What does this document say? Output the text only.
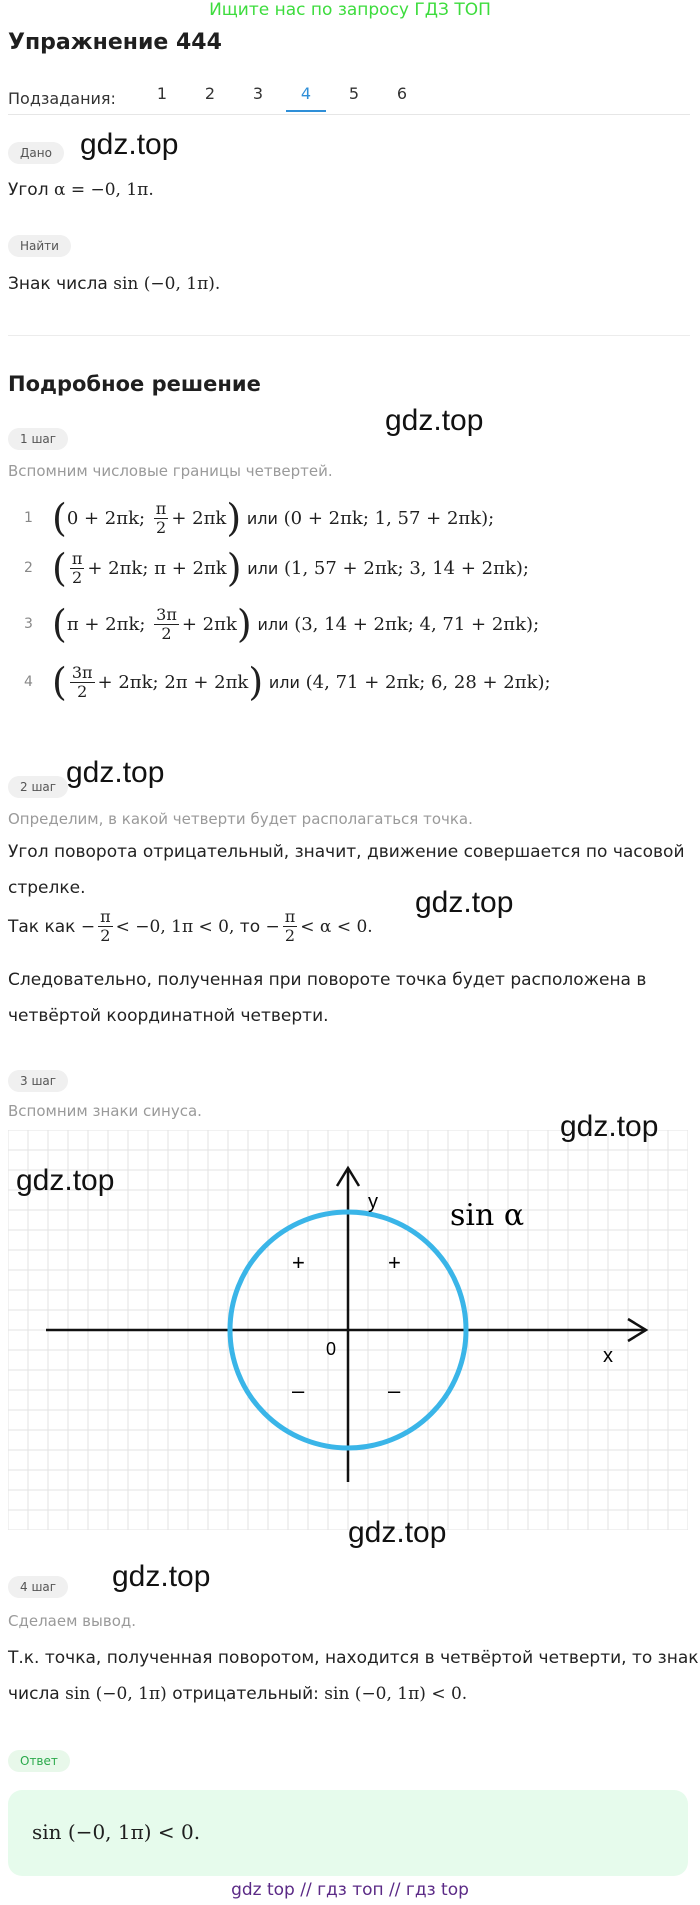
Ищите нас по запросу ГДЗ ТОП
Упражнение 444
Подзадания:	1	2	3	4	5	6
Дано gdz.top
Угол α = −0, 1π.
Найти
Знак числа sin (−0, 1π).
Подробное решение
1 шаг
gdz.top
Вспомним числовые границы четвертей.
1 ( 0 + 2πk;
$\frac{\pi}{2} + 2\pi k$ )
или
(0 + 2πk; 1, 57 + 2πk);
2 ( $\frac{\pi}{2} + 2\pi k$;
π + 2πk )
или
(1, 57 + 2πk; 3, 14 + 2πk);
3 ( π + 2πk;
$\frac{3\pi}{2} + 2\pi k$ )
или
(3, 14 + 2πk; 4, 71 + 2πk);
4 ( $\frac{3\pi}{2} + 2\pi k$;
2π + 2πk )
или
(4, 71 + 2πk; 6, 28 + 2πk);
2 шаг gdz.top
Определим, в какой четверти будет располагаться точка.
Угол поворота отрицательный, значит, движение совершается по часовой
стрелке.	gdz.top
Так как − $\frac{\pi}{2} < -0$, 1π < 0,
то − $\frac{\pi}{2} < \alpha < 0$.
Следовательно, полученная при повороте точка будет расположена в
четвёртой координатной четверти.
3 шаг
Вспомним знаки синуса.
y
x
0
sin α
+	+
–	–
gdz.top
gdz.top
gdz.top
4 шаг	gdz.top
Сделаем вывод.
Т.к. точка, полученная поворотом, находится в четвёртой четверти, то знак
числа sin (−0, 1π) отрицательный: sin (−0, 1π) < 0.
Ответ
sin (−0, 1π) < 0.
gdz top // гдз топ // гдз top
